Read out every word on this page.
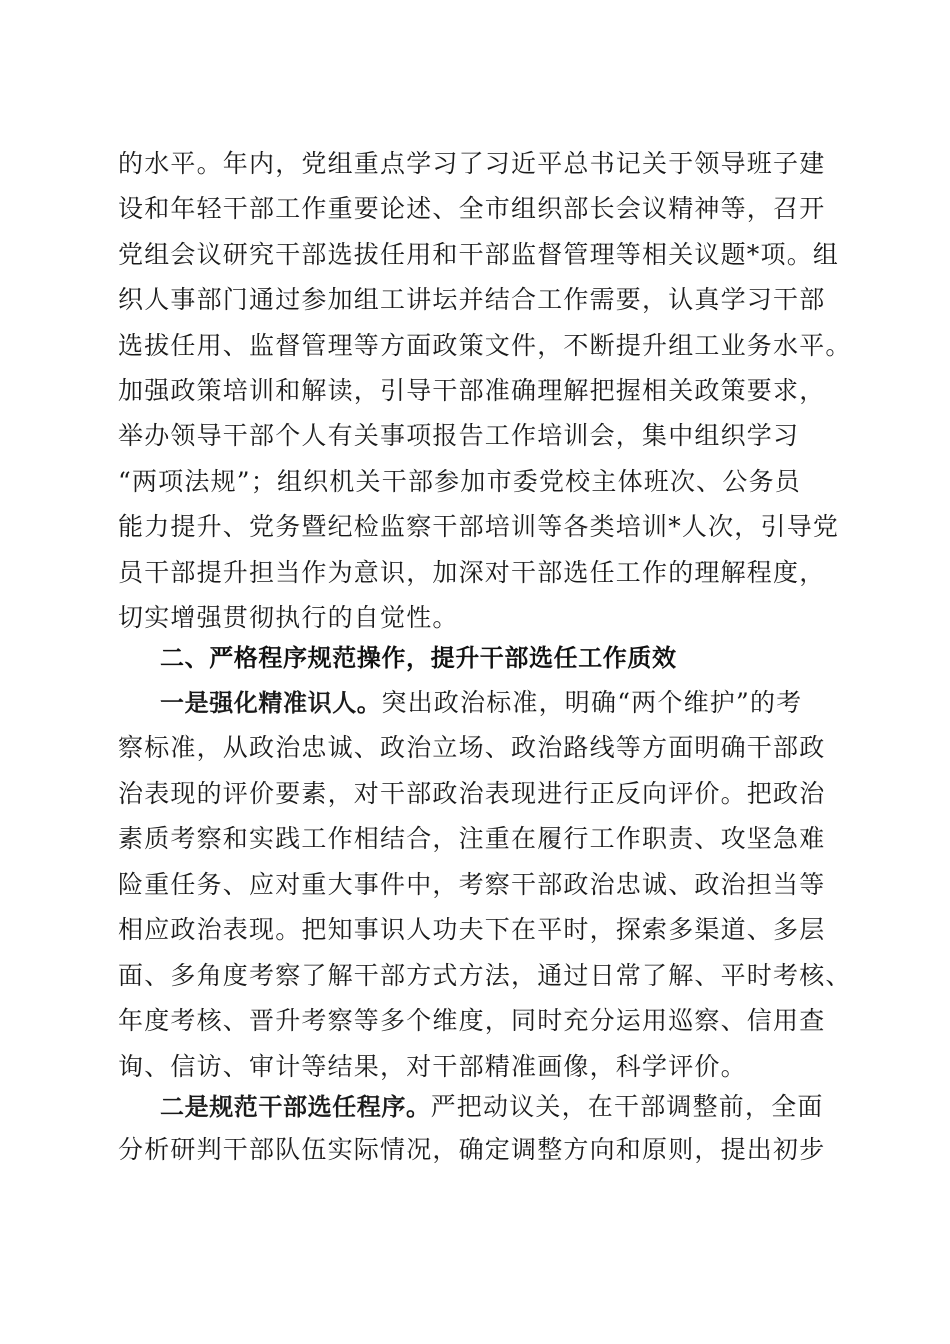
的水平。年内，党组重点学习了习近平总书记关于领导班子建
设和年轻干部工作重要论述、全市组织部长会议精神等，召开
党组会议研究干部选拔任用和干部监督管理等相关议题*项。组
织人事部门通过参加组工讲坛并结合工作需要，认真学习干部
选拔任用、监督管理等方面政策文件，不断提升组工业务水平。
加强政策培训和解读，引导干部准确理解把握相关政策要求，
举办领导干部个人有关事项报告工作培训会，集中组织学习
“两项法规”；组织机关干部参加市委党校主体班次、公务员
能力提升、党务暨纪检监察干部培训等各类培训*人次，引导党
员干部提升担当作为意识，加深对干部选任工作的理解程度，
切实增强贯彻执行的自觉性。
二、严格程序规范操作，提升干部选任工作质效
一是强化精准识人。突出政治标准，明确“两个维护”的考
察标准，从政治忠诚、政治立场、政治路线等方面明确干部政
治表现的评价要素，对干部政治表现进行正反向评价。把政治
素质考察和实践工作相结合，注重在履行工作职责、攻坚急难
险重任务、应对重大事件中，考察干部政治忠诚、政治担当等
相应政治表现。把知事识人功夫下在平时，探索多渠道、多层
面、多角度考察了解干部方式方法，通过日常了解、平时考核、
年度考核、晋升考察等多个维度，同时充分运用巡察、信用查
询、信访、审计等结果，对干部精准画像，科学评价。
二是规范干部选任程序。严把动议关，在干部调整前，全面
分析研判干部队伍实际情况，确定调整方向和原则，提出初步
